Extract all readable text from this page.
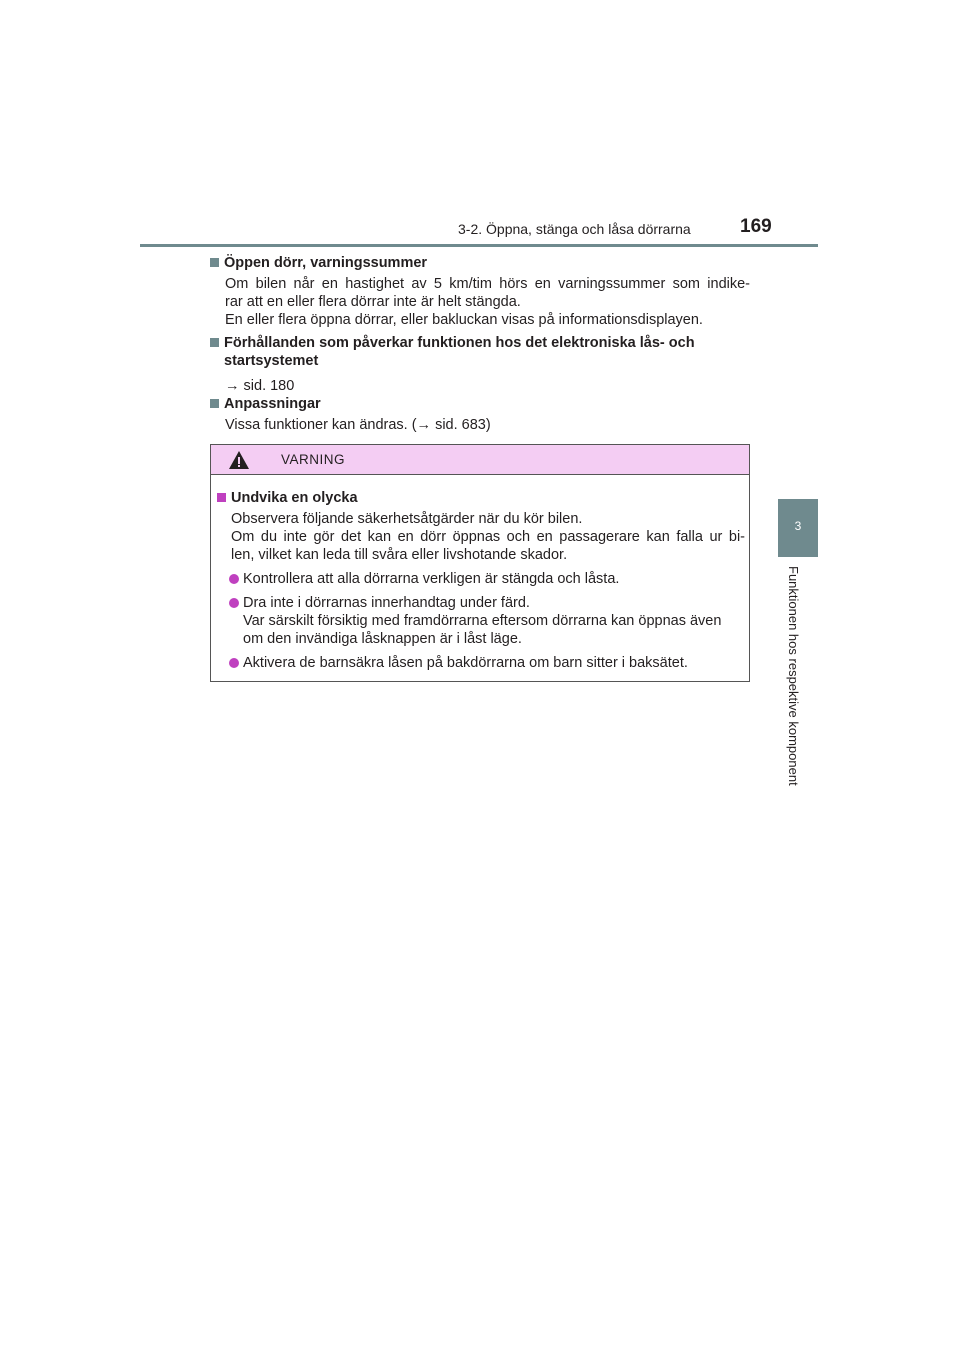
3-2. Öppna, stänga och låsa dörrarna	169
3
Funktionen hos respektive komponent
Öppen dörr, varningssummer
Om bilen når en hastighet av 5 km/tim hörs en varningssummer som indike-
rar att en eller flera dörrar inte är helt stängda.
En eller flera öppna dörrar, eller bakluckan visas på informationsdisplayen.
Förhållanden som påverkar funktionen hos det elektroniska lås- och
startsystemet
→ sid. 180
Anpassningar
Vissa funktioner kan ändras. (→ sid. 683)
VARNING
Undvika en olycka
Observera följande säkerhetsåtgärder när du kör bilen.
Om du inte gör det kan en dörr öppnas och en passagerare kan falla ur bi-
len, vilket kan leda till svåra eller livshotande skador.
Kontrollera att alla dörrarna verkligen är stängda och låsta.
Dra inte i dörrarnas innerhandtag under färd.
Var särskilt försiktig med framdörrarna eftersom dörrarna kan öppnas även
om den invändiga låsknappen är i låst läge.
Aktivera de barnsäkra låsen på bakdörrarna om barn sitter i baksätet.
